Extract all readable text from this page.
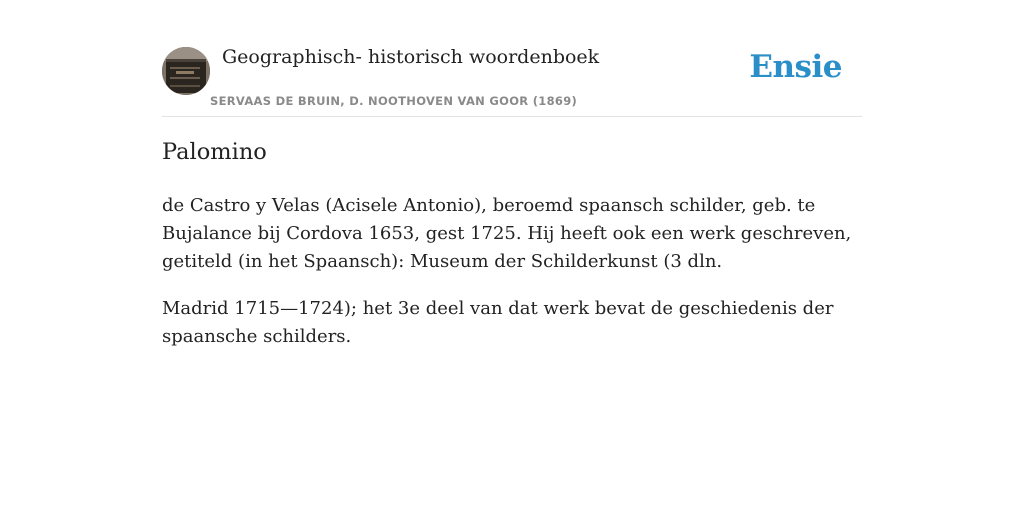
Geographisch- historisch woordenboek
SERVAAS DE BRUIN, D. NOOTHOVEN VAN GOOR (1869)
Ensie
Palomino

de Castro y Velas (Acisele Antonio), beroemd spaansch schilder, geb. te Bujalance bij Cordova 1653, gest 1725. Hij heeft ook een werk geschreven, getiteld (in het Spaansch): Museum der Schilderkunst (3 dln.

Madrid 1715—1724); het 3e deel van dat werk bevat de geschiedenis der spaansche schilders.
